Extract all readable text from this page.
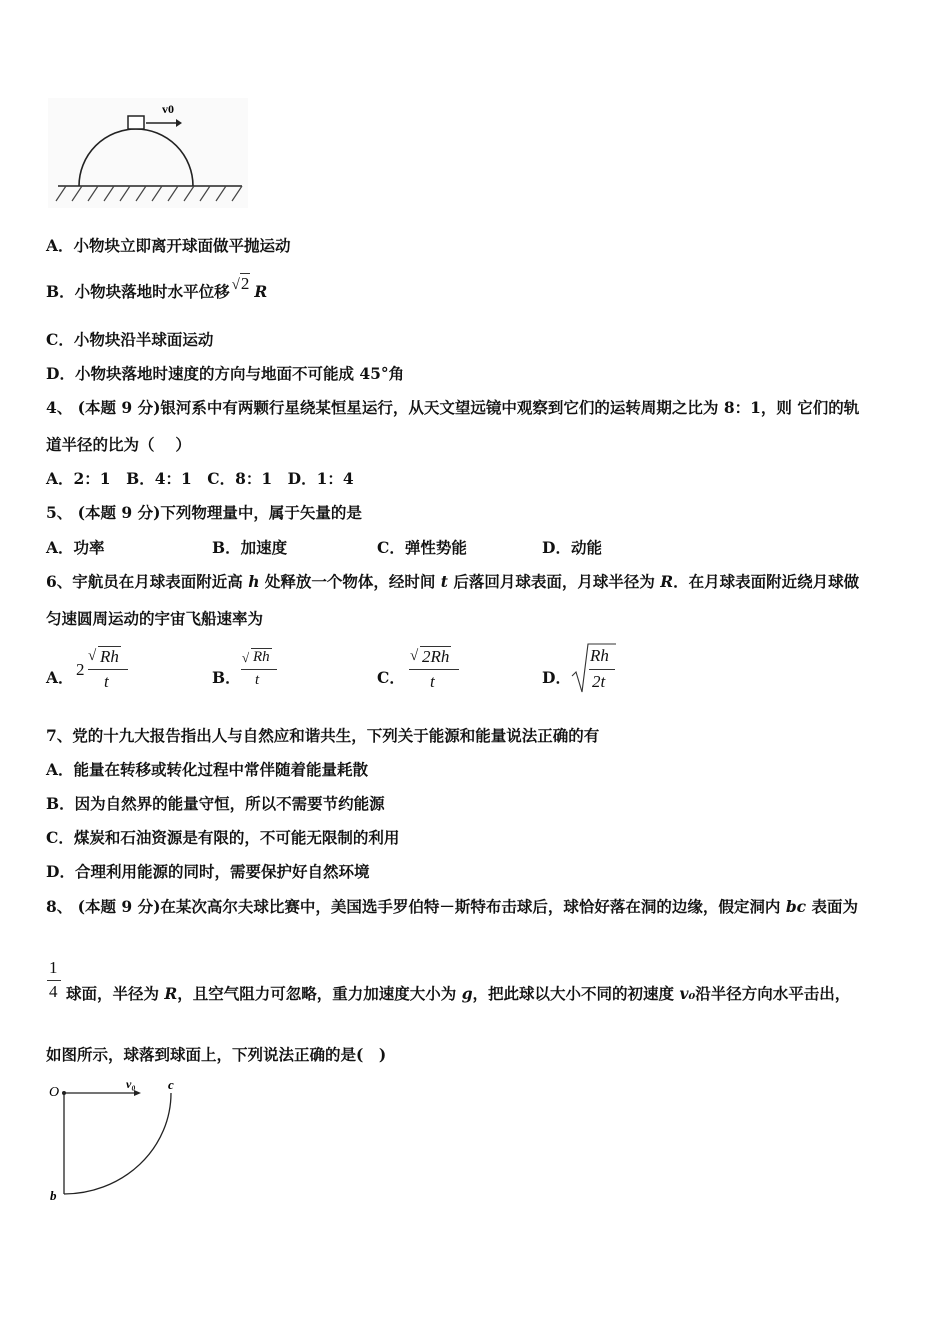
v0
A．小物块立即离开球面做平抛运动
B．小物块落地时水平位移 √2 R
C．小物块沿半球面运动
D．小物块落地时速度的方向与地面不可能成 45°角
4、 (本题 9 分)银河系中有两颗行星绕某恒星运行，从天文望远镜中观察到它们的运转周期之比为 8：1，则 它们的轨
道半径的比为（　 ）
A．2：1　B．4：1　C．8：1　D．1：4
5、 (本题 9 分)下列物理量中，属于矢量的是
A．功率	B．加速度	C．弹性势能	D．动能
6、宇航员在月球表面附近高 h 处释放一个物体，经时间 t 后落回月球表面，月球半径为 R．在月球表面附近绕月球做
匀速圆周运动的宇宙飞船速率为
A． 2
√ Rh
t	B．
√ Rh
t	C．
√ 2Rh
t	D．
Rh
2t
7、党的十九大报告指出人与自然应和谐共生，下列关于能源和能量说法正确的有
A．能量在转移或转化过程中常伴随着能量耗散
B．因为自然界的能量守恒，所以不需要节约能源
C．煤炭和石油资源是有限的，不可能无限制的利用
D．合理利用能源的同时，需要保护好自然环境
8、 (本题 9 分)在某次高尔夫球比赛中，美国选手罗伯特－斯特布击球后，球恰好落在洞的边缘，假定洞内 bc 表面为
1
4 球面，半径为 R，且空气阻力可忽略，重力加速度大小为 g，把此球以大小不同的初速度 v₀沿半径方向水平击出，
如图所示，球落到球面上，下列说法正确的是(　)
O
v₀ c
b
